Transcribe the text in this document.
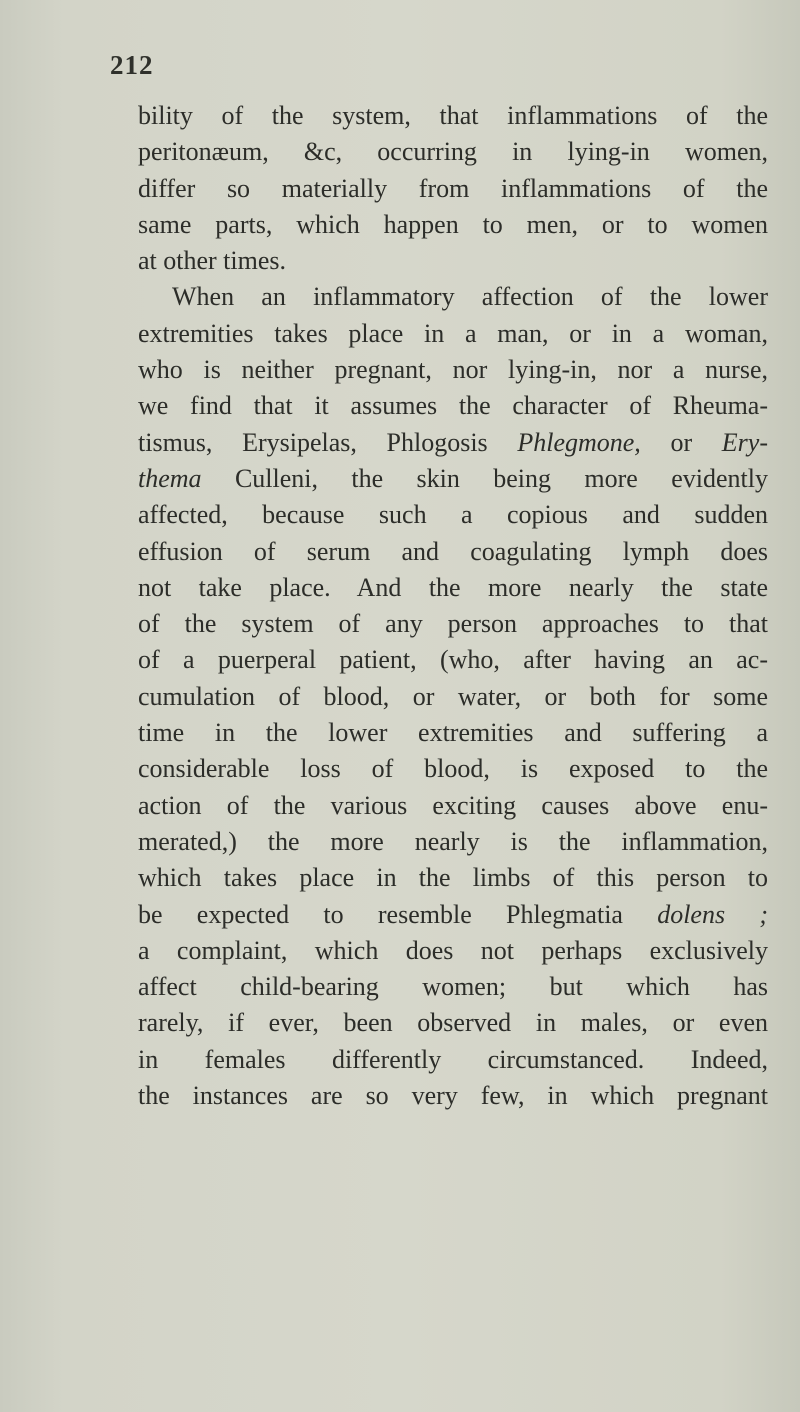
212
bility of the system, that inflammations of the
peritonæum, &c, occurring in lying-in women,
differ so materially from inflammations of the
same parts, which happen to men, or to women
at other times.
When an inflammatory affection of the lower
extremities takes place in a man, or in a woman,
who is neither pregnant, nor lying-in, nor a nurse,
we find that it assumes the character of Rheuma-
tismus, Erysipelas, Phlogosis Phlegmone, or Ery-
thema Culleni, the skin being more evidently
affected, because such a copious and sudden
effusion of serum and coagulating lymph does
not take place. And the more nearly the state
of the system of any person approaches to that
of a puerperal patient, (who, after having an ac-
cumulation of blood, or water, or both for some
time in the lower extremities and suffering a
considerable loss of blood, is exposed to the
action of the various exciting causes above enu-
merated,) the more nearly is the inflammation,
which takes place in the limbs of this person to
be expected to resemble Phlegmatia dolens ;
a complaint, which does not perhaps exclusively
affect child-bearing women; but which has
rarely, if ever, been observed in males, or even
in females differently circumstanced. Indeed,
the instances are so very few, in which pregnant
